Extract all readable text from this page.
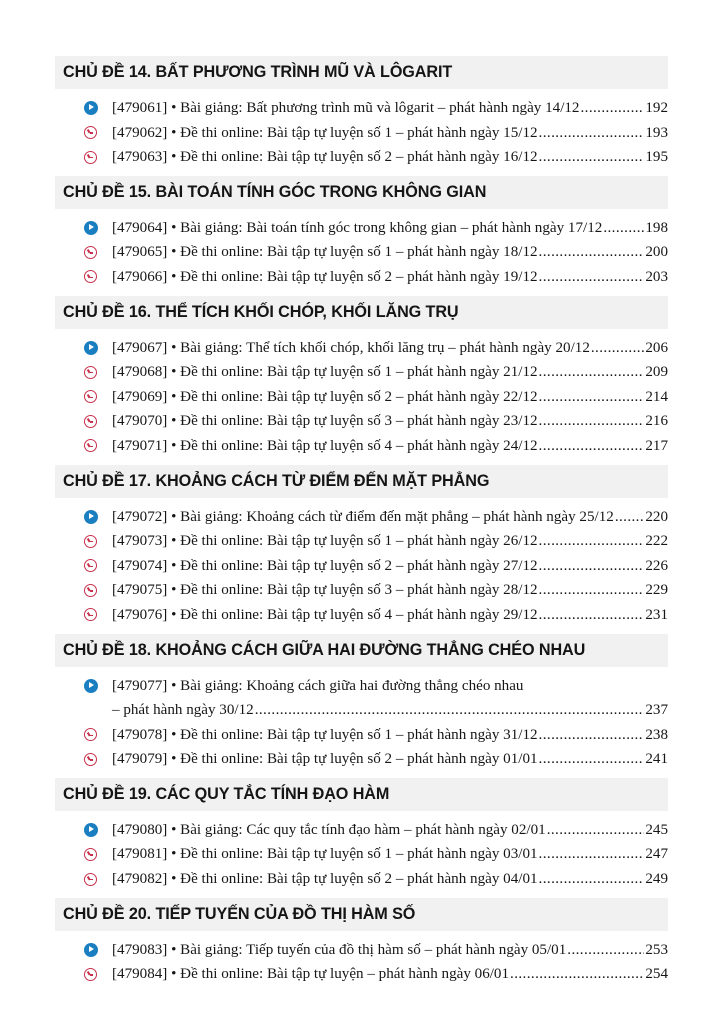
CHỦ ĐỀ 14. BẤT PHƯƠNG TRÌNH MŨ VÀ LÔGARIT
[479061] • Bài giảng: Bất phương trình mũ và lôgarit – phát hành ngày 14/12 .....	192
[479062] • Đề thi online: Bài tập tự luyện số 1 – phát hành ngày 15/12 .....	193
[479063] • Đề thi online: Bài tập tự luyện số 2 – phát hành ngày 16/12 .....	195
CHỦ ĐỀ 15. BÀI TOÁN TÍNH GÓC TRONG KHÔNG GIAN
[479064] • Bài giảng: Bài toán tính góc trong không gian – phát hành ngày 17/12 .....	198
[479065] • Đề thi online: Bài tập tự luyện số 1 – phát hành ngày 18/12 .....	200
[479066] • Đề thi online: Bài tập tự luyện số 2 – phát hành ngày 19/12 .....	203
CHỦ ĐỀ 16. THỂ TÍCH KHỐI CHÓP, KHỐI LĂNG TRỤ
[479067] • Bài giảng: Thể tích khối chóp, khối lăng trụ – phát hành ngày 20/12 .....	206
[479068] • Đề thi online: Bài tập tự luyện số 1 – phát hành ngày 21/12 .....	209
[479069] • Đề thi online: Bài tập tự luyện số 2 – phát hành ngày 22/12 .....	214
[479070] • Đề thi online: Bài tập tự luyện số 3 – phát hành ngày 23/12 .....	216
[479071] • Đề thi online: Bài tập tự luyện số 4 – phát hành ngày 24/12 .....	217
CHỦ ĐỀ 17. KHOẢNG CÁCH TỪ ĐIỂM ĐẾN MẶT PHẲNG
[479072] • Bài giảng: Khoảng cách từ điểm đến mặt phẳng – phát hành ngày 25/12 ..... 220
[479073] • Đề thi online: Bài tập tự luyện số 1 – phát hành ngày 26/12 .....	222
[479074] • Đề thi online: Bài tập tự luyện số 2 – phát hành ngày 27/12 .....	226
[479075] • Đề thi online: Bài tập tự luyện số 3 – phát hành ngày 28/12 .....	229
[479076] • Đề thi online: Bài tập tự luyện số 4 – phát hành ngày 29/12 .....	231
CHỦ ĐỀ 18. KHOẢNG CÁCH GIỮA HAI ĐƯỜNG THẲNG CHÉO NHAU
[479077] • Bài giảng: Khoảng cách giữa hai đường thẳng chéo nhau
– phát hành ngày 30/12 .....	237
[479078] • Đề thi online: Bài tập tự luyện số 1 – phát hành ngày 31/12 .....	238
[479079] • Đề thi online: Bài tập tự luyện số 2 – phát hành ngày 01/01 .....	241
CHỦ ĐỀ 19. CÁC QUY TẮC TÍNH ĐẠO HÀM
[479080] • Bài giảng: Các quy tắc tính đạo hàm – phát hành ngày 02/01 .....	245
[479081] • Đề thi online: Bài tập tự luyện số 1 – phát hành ngày 03/01 .....	247
[479082] • Đề thi online: Bài tập tự luyện số 2 – phát hành ngày 04/01 .....	249
CHỦ ĐỀ 20. TIẾP TUYẾN CỦA ĐỒ THỊ HÀM SỐ
[479083] • Bài giảng: Tiếp tuyến của đồ thị hàm số – phát hành ngày 05/01 .....	253
[479084] • Đề thi online: Bài tập tự luyện – phát hành ngày 06/01 .....	254
